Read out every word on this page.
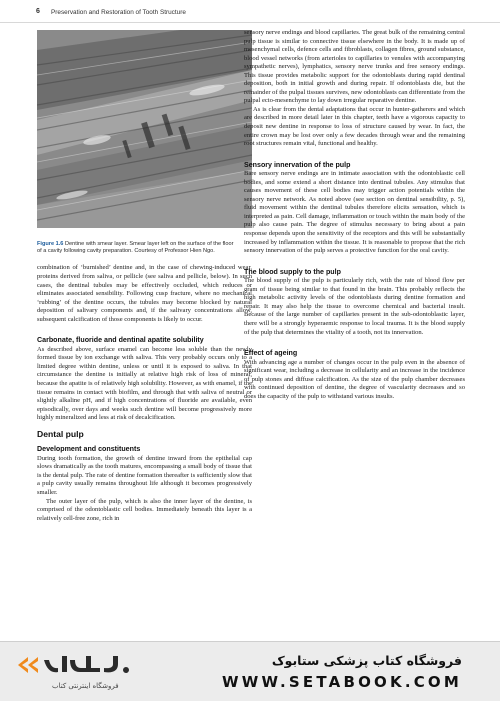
6 Preservation and Restoration of Tooth Structure
Figure 1.6 Dentine with smear layer. Smear layer left on the surface of the floor of a cavity following cavity preparation. Courtesy of Professor Hien Ngo.

combination of ‘burnished’ dentine and, in the case of chewing-induced wear, proteins derived from saliva, or pellicle (see saliva and pellicle, below). In such cases, the dentinal tubules may be effectively occluded, which reduces or eliminates associated sensibility. Following cusp fracture, where no mechanical ‘rubbing’ of the dentine occurs, the tubules may become blocked by natural deposition of salivary components and, if the salivary concentrations allow, subsequent calcification of those components is likely to occur.

Carbonate, fluoride and dentinal apatite solubility

As described above, surface enamel can become less soluble than the newly formed tissue by ion exchange with saliva. This very probably occurs only to a limited degree within dentine, unless or until it is exposed to saliva. In that circumstance the dentine is initially at relative high risk of loss of mineral, because the apatite is of relatively high solubility. However, as with enamel, if the tissue remains in contact with biofilm, and through that with saliva of neutral or slightly alkaline pH, and if high concentrations of fluoride are available, even episodically, over days and weeks such dentine will become progressively more highly mineralized and less at risk of decalcification.

Dental pulp
Development and constituents

During tooth formation, the growth of dentine inward from the epithelial cap slows dramatically as the tooth matures, encompassing a small body of tissue that is the dental pulp. The rate of dentine formation thereafter is sufficiently slow that a pulp cavity usually remains throughout life although it becomes progressively smaller.

The outer layer of the pulp, which is also the inner layer of the dentine, is comprised of the odontoblastic cell bodies. Immediately beneath this layer is a relatively cell-free zone, rich in

sensory nerve endings and blood capillaries. The great bulk of the remaining central pulp tissue is similar to connective tissue elsewhere in the body. It is made up of mesenchymal cells, defence cells and fibroblasts, collagen fibres, ground substance, blood vessel networks (from arterioles to capillaries to venules with accompanying sympathetic nerves), lymphatics, sensory nerve trunks and free sensory endings. This tissue provides metabolic support for the odontoblasts during rapid dentinal deposition, both in initial growth and during repair. If odontoblasts die, but the remainder of the pulpal tissues survives, new odontoblasts can differentiate from the pulpal ecto-mesenchyme to lay down irregular reparative dentine.

As is clear from the dental adaptations that occur in hunter-gatherers and which are described in more detail later in this chapter, teeth have a vigorous capacity to deposit new dentine in response to loss of structure caused by wear. In fact, the entire crown may be lost over only a few decades through wear and the remaining root structures remain vital, functional and healthy.

Sensory innervation of the pulp

Bare sensory nerve endings are in intimate association with the odontoblastic cell bodies, and some extend a short distance into dentinal tubules. Any stimulus that causes movement of these cell bodies may trigger action potentials within the sensory nerve network. As noted above (see section on dentinal sensibility, p. 5), fluid movement within the dentinal tubules therefore elicits sensation, which is interpreted as pain. Cell damage, inflammation or touch within the main body of the pulp also cause pain. The degree of stimulus necessary to bring about a pain response depends upon the sensitivity of the receptors and this will be substantially increased by inflammation within the tissue. It is reasonable to propose that the rich sensory innervation of the pulp serves a protective function for the oral cavity.

The blood supply to the pulp

The blood supply of the pulp is particularly rich, with the rate of blood flow per gram of tissue being similar to that found in the brain. This probably reflects the high metabolic activity levels of the odontoblasts during dentine formation and repair. It may also help the tissue to overcome chemical and bacterial insult. Because of the large number of capillaries present in the sub-odontoblastic layer, there will be a strongly hyperaemic response to local trauma. It is the blood supply of the pulp that determines the vitality of a tooth, not its innervation.

Effect of ageing

With advancing age a number of changes occur in the pulp even in the absence of significant wear, including a decrease in cellularity and an increase in the incidence of pulp stones and diffuse calcification. As the size of the pulp chamber decreases with continued deposition of dentine, the degree of vascularity decreases and so does the capacity of the pulp to withstand various insults.

فروشگاه اینترنتی کتاب
فروشگاه کتاب پزشکی ستابوک
WWW.SETABOOK.COM
